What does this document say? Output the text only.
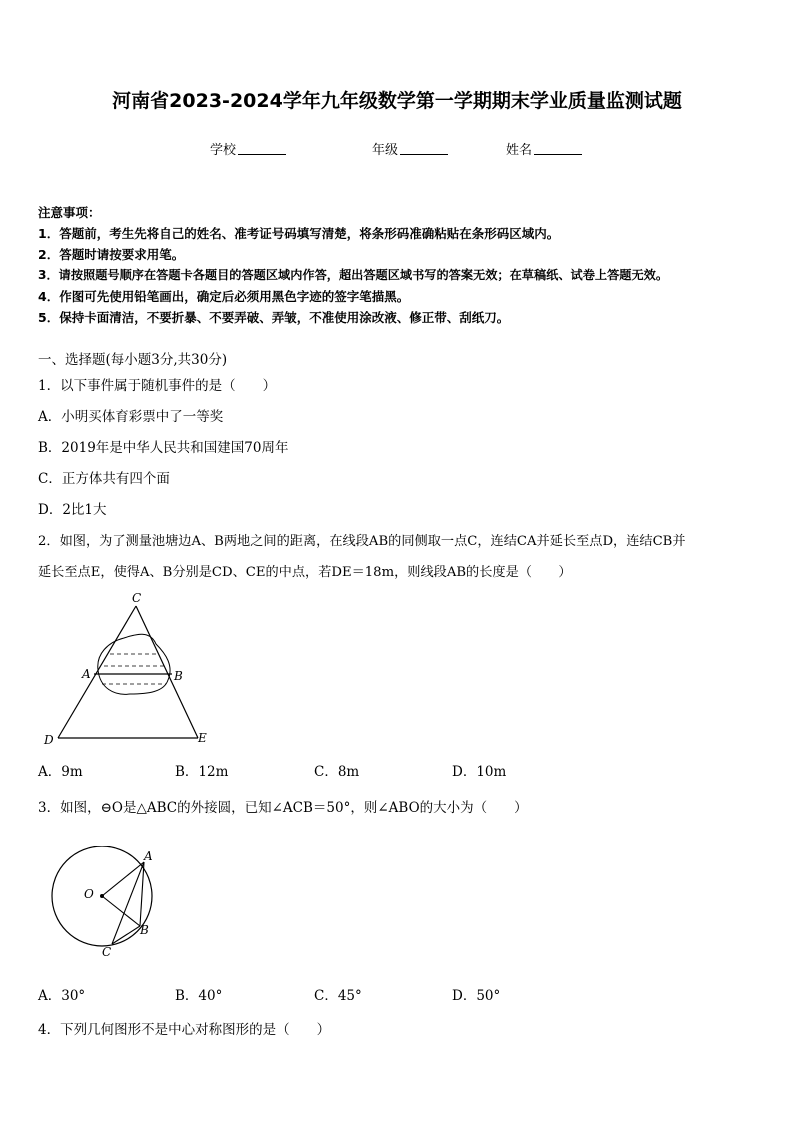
河南省2023-2024学年九年级数学第一学期期末学业质量监测试题
学校	年级	姓名
注意事项：
1．答题前，考生先将自己的姓名、准考证号码填写清楚，将条形码准确粘贴在条形码区域内。
2．答题时请按要求用笔。
3．请按照题号顺序在答题卡各题目的答题区域内作答，超出答题区域书写的答案无效；在草稿纸、试卷上答题无效。
4．作图可先使用铅笔画出，确定后必须用黑色字迹的签字笔描黑。
5．保持卡面清洁，不要折暴、不要弄破、弄皱，不准使用涂改液、修正带、刮纸刀。
一、选择题(每小题3分,共30分)
1．以下事件属于随机事件的是（　　）
A．小明买体育彩票中了一等奖
B．2019年是中华人民共和国建国70周年
C．正方体共有四个面
D．2比1大
2．如图，为了测量池塘边A、B两地之间的距离，在线段AB的同侧取一点C，连结CA并延长至点D，连结CB并
延长至点E，使得A、B分别是CD、CE的中点，若DE＝18m，则线段AB的长度是（　　）
C
A	B
D	E
A．9m	B．12m	C．8m	D．10m
3．如图，⊖O是△ABC的外接圆，已知∠ACB＝50°，则∠ABO的大小为（　　）
O
A
B
C
A．30°	B．40°	C．45°	D．50°
4．下列几何图形不是中心对称图形的是（　　）
